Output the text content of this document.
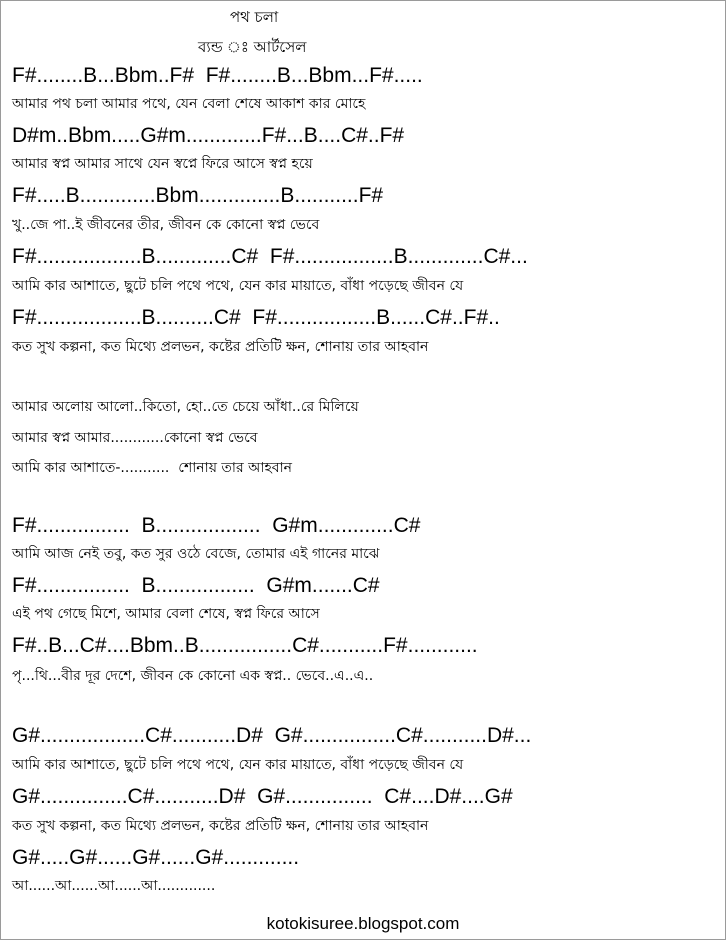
পথ চলা
ব্যন্ড ঃ আর্টসেল
F#........B...Bbm..F#  F#........B...Bbm...F#.....
আমার পথ চলা আমার পথে, যেন বেলা শেষে আকাশ কার মোহে
D#m..Bbm.....G#m.............F#...B....C#..F#
আমার স্বপ্ন আমার সাথে যেন স্বপ্নে ফিরে আসে স্বপ্ন হয়ে
F#.....B.............Bbm..............B...........F#
খু..জে পা..ই জীবনের তীর, জীবন কে কোনো স্বপ্ন ভেবে
F#..................B.............C#  F#.................B.............C#...
আমি কার আশাতে, ছুটে চলি পথে পথে, যেন কার মায়াতে, বাঁধা পড়েছে জীবন যে
F#..................B..........C#  F#.................B......C#..F#..
কত সুখ কল্পনা, কত মিথ্যে প্রলভন, কষ্টের প্রতিটি ক্ষন, শোনায় তার আহবান
আমার অলোয় আলো..কিতো, হো..তে চেয়ে আঁধা..রে মিলিয়ে
আমার স্বপ্ন আমার............কোনো স্বপ্ন ভেবে
আমি কার আশাতে-...........  শোনায় তার আহবান
F#................  B..................  G#m.............C#
আমি আজ নেই তবু, কত সুর ওঠে বেজে, তোমার এই গানের মাঝে
F#................  B.................  G#m.......C#
এই পথ গেছে মিশে, আমার বেলা শেষে, স্বপ্ন ফিরে আসে
F#..B...C#....Bbm..B................C#...........F#............
পৃ...থি...বীর দূর দেশে, জীবন কে কোনো এক স্বপ্ন.. ভেবে..এ..এ..
G#..................C#...........D#  G#................C#...........D#...
আমি কার আশাতে, ছুটে চলি পথে পথে, যেন কার মায়াতে, বাঁধা পড়েছে জীবন যে
G#...............C#...........D#  G#...............  C#....D#....G#
কত সুখ কল্পনা, কত মিথ্যে প্রলভন, কষ্টের প্রতিটি ক্ষন, শোনায় তার আহবান
G#.....G#......G#......G#.............
আ......আ......আ......আ.............
kotokisuree.blogspot.com
